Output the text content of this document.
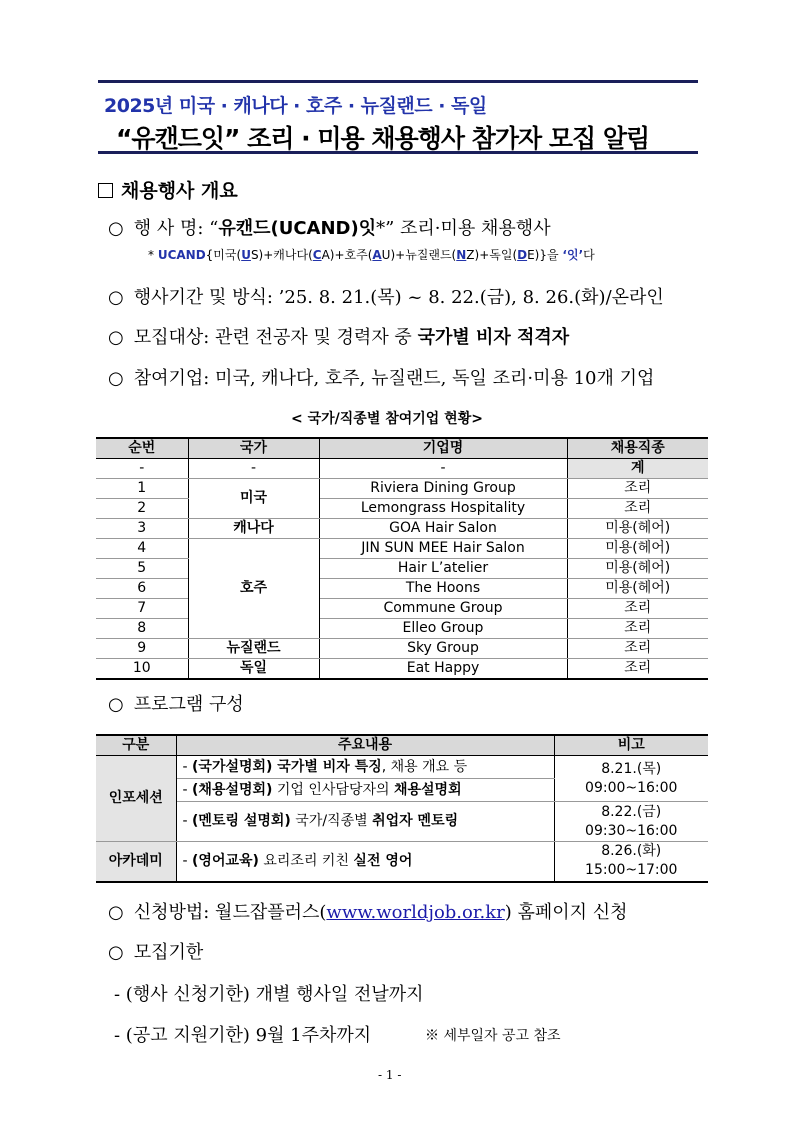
2025년 미국 · 캐나다 · 호주 · 뉴질랜드 · 독일
“유캔드잇” 조리 · 미용 채용행사 참가자 모집 알림
채용행사 개요
○ 행 사 명: “유캔드(UCAND)잇*” 조리·미용 채용행사
* UCAND{미국(US)+캐나다(CA)+호주(AU)+뉴질랜드(NZ)+독일(DE)}을 ‘잇’다
○ 행사기간 및 방식: ’25. 8. 21.(목) ~ 8. 22.(금), 8. 26.(화)/온라인
○ 모집대상: 관련 전공자 및 경력자 중 국가별 비자 적격자
○ 참여기업: 미국, 캐나다, 호주, 뉴질랜드, 독일 조리·미용 10개 기업
< 국가/직종별 참여기업 현황>
순번	국가	기업명	채용직종
-	-	-	계
1	미국	Riviera Dining Group	조리
2		Lemongrass Hospitality	조리
3	캐나다	GOA Hair Salon	미용(헤어)
4	호주	JIN SUN MEE Hair Salon	미용(헤어)
5		Hair L’atelier	미용(헤어)
6		The Hoons	미용(헤어)
7		Commune Group	조리
8		Elleo Group	조리
9	뉴질랜드	Sky Group	조리
10	독일	Eat Happy	조리
○ 프로그램 구성
구분	주요내용	비고
인포세션	- (국가설명회) 국가별 비자 특징, 채용 개요 등	8.21.(목)
09:00~16:00

	- (채용설명회) 기업 인사담당자의 채용설명회	
	- (멘토링 설명회) 국가/직종별 취업자 멘토링	8.22.(금)
09:30~16:00

아카데미	- (영어교육) 요리조리 키친 실전 영어	8.26.(화)
15:00~17:00
○ 신청방법: 월드잡플러스(www.worldjob.or.kr) 홈페이지 신청
○ 모집기한
- (행사 신청기한) 개별 행사일 전날까지
- (공고 지원기한) 9월 1주차까지	※ 세부일자 공고 참조
- 1 -
